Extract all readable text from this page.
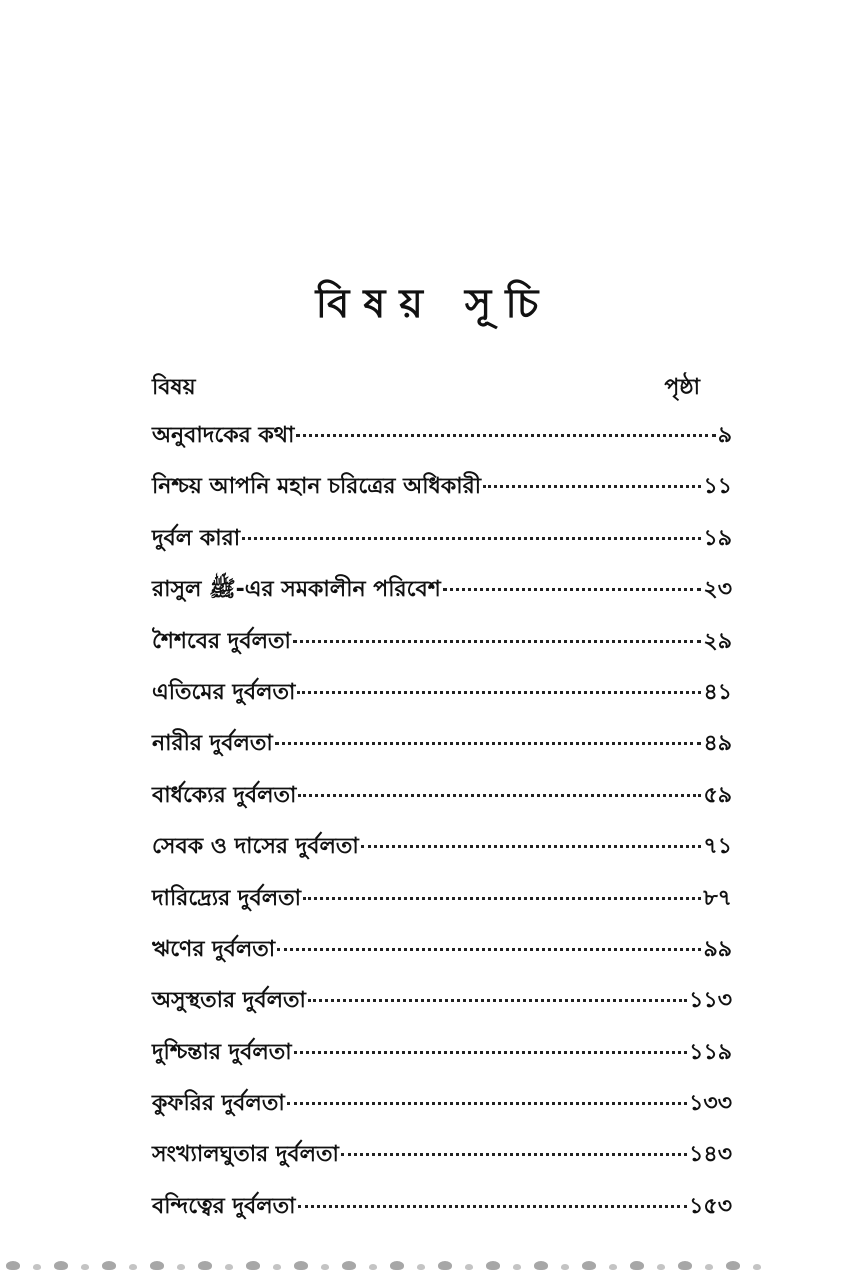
বিষয় সূচি
বিষয়	পৃষ্ঠা
অনুবাদকের কথা	৯
নিশ্চয় আপনি মহান চরিত্রের অধিকারী	১১
দুর্বল কারা	১৯
রাসুল ﷺ-এর সমকালীন পরিবেশ	২৩
শৈশবের দুর্বলতা	২৯
এতিমের দুর্বলতা	৪১
নারীর দুর্বলতা	৪৯
বার্ধক্যের দুর্বলতা	৫৯
সেবক ও দাসের দুর্বলতা	৭১
দারিদ্র্যের দুর্বলতা	৮৭
ঋণের দুর্বলতা	৯৯
অসুস্থতার দুর্বলতা	১১৩
দুশ্চিন্তার দুর্বলতা	১১৯
কুফরির দুর্বলতা	১৩৩
সংখ্যালঘুতার দুর্বলতা	১৪৩
বন্দিত্বের দুর্বলতা	১৫৩
